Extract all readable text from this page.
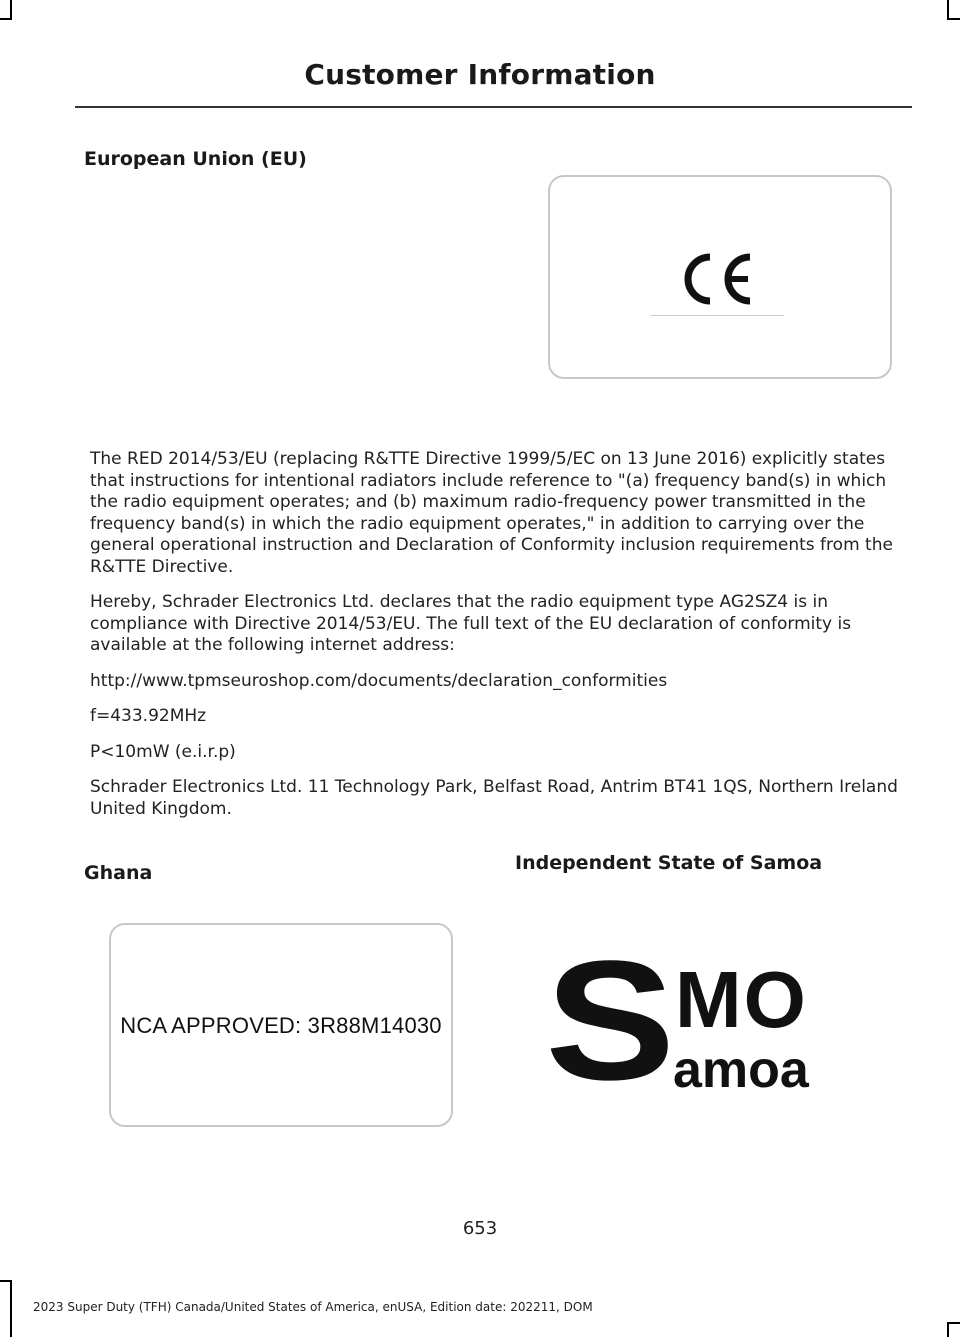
Customer Information
European Union (EU)

The RED 2014/53/EU (replacing R&TTE Directive 1999/5/EC on 13 June 2016) explicitly states that instructions for intentional radiators include reference to "(a) frequency band(s) in which the radio equipment operates; and (b) maximum radio-frequency power transmitted in the frequency band(s) in which the radio equipment operates," in addition to carrying over the general operational instruction and Declaration of Conformity inclusion requirements from the R&TTE Directive.

Hereby, Schrader Electronics Ltd. declares that the radio equipment type AG2SZ4 is in compliance with Directive 2014/53/EU. The full text of the EU declaration of conformity is available at the following internet address:

http://www.tpmseuroshop.com/documents/declaration_conformities

f=433.92MHz

P<10mW (e.i.r.p)

Schrader Electronics Ltd. 11 Technology Park, Belfast Road, Antrim BT41 1QS, Northern Ireland United Kingdom.

Ghana
NCA APPROVED: 3R88M14030
Independent State of Samoa
S MO
amoa
653
2023 Super Duty (TFH) Canada/United States of America, enUSA, Edition date: 202211, DOM
